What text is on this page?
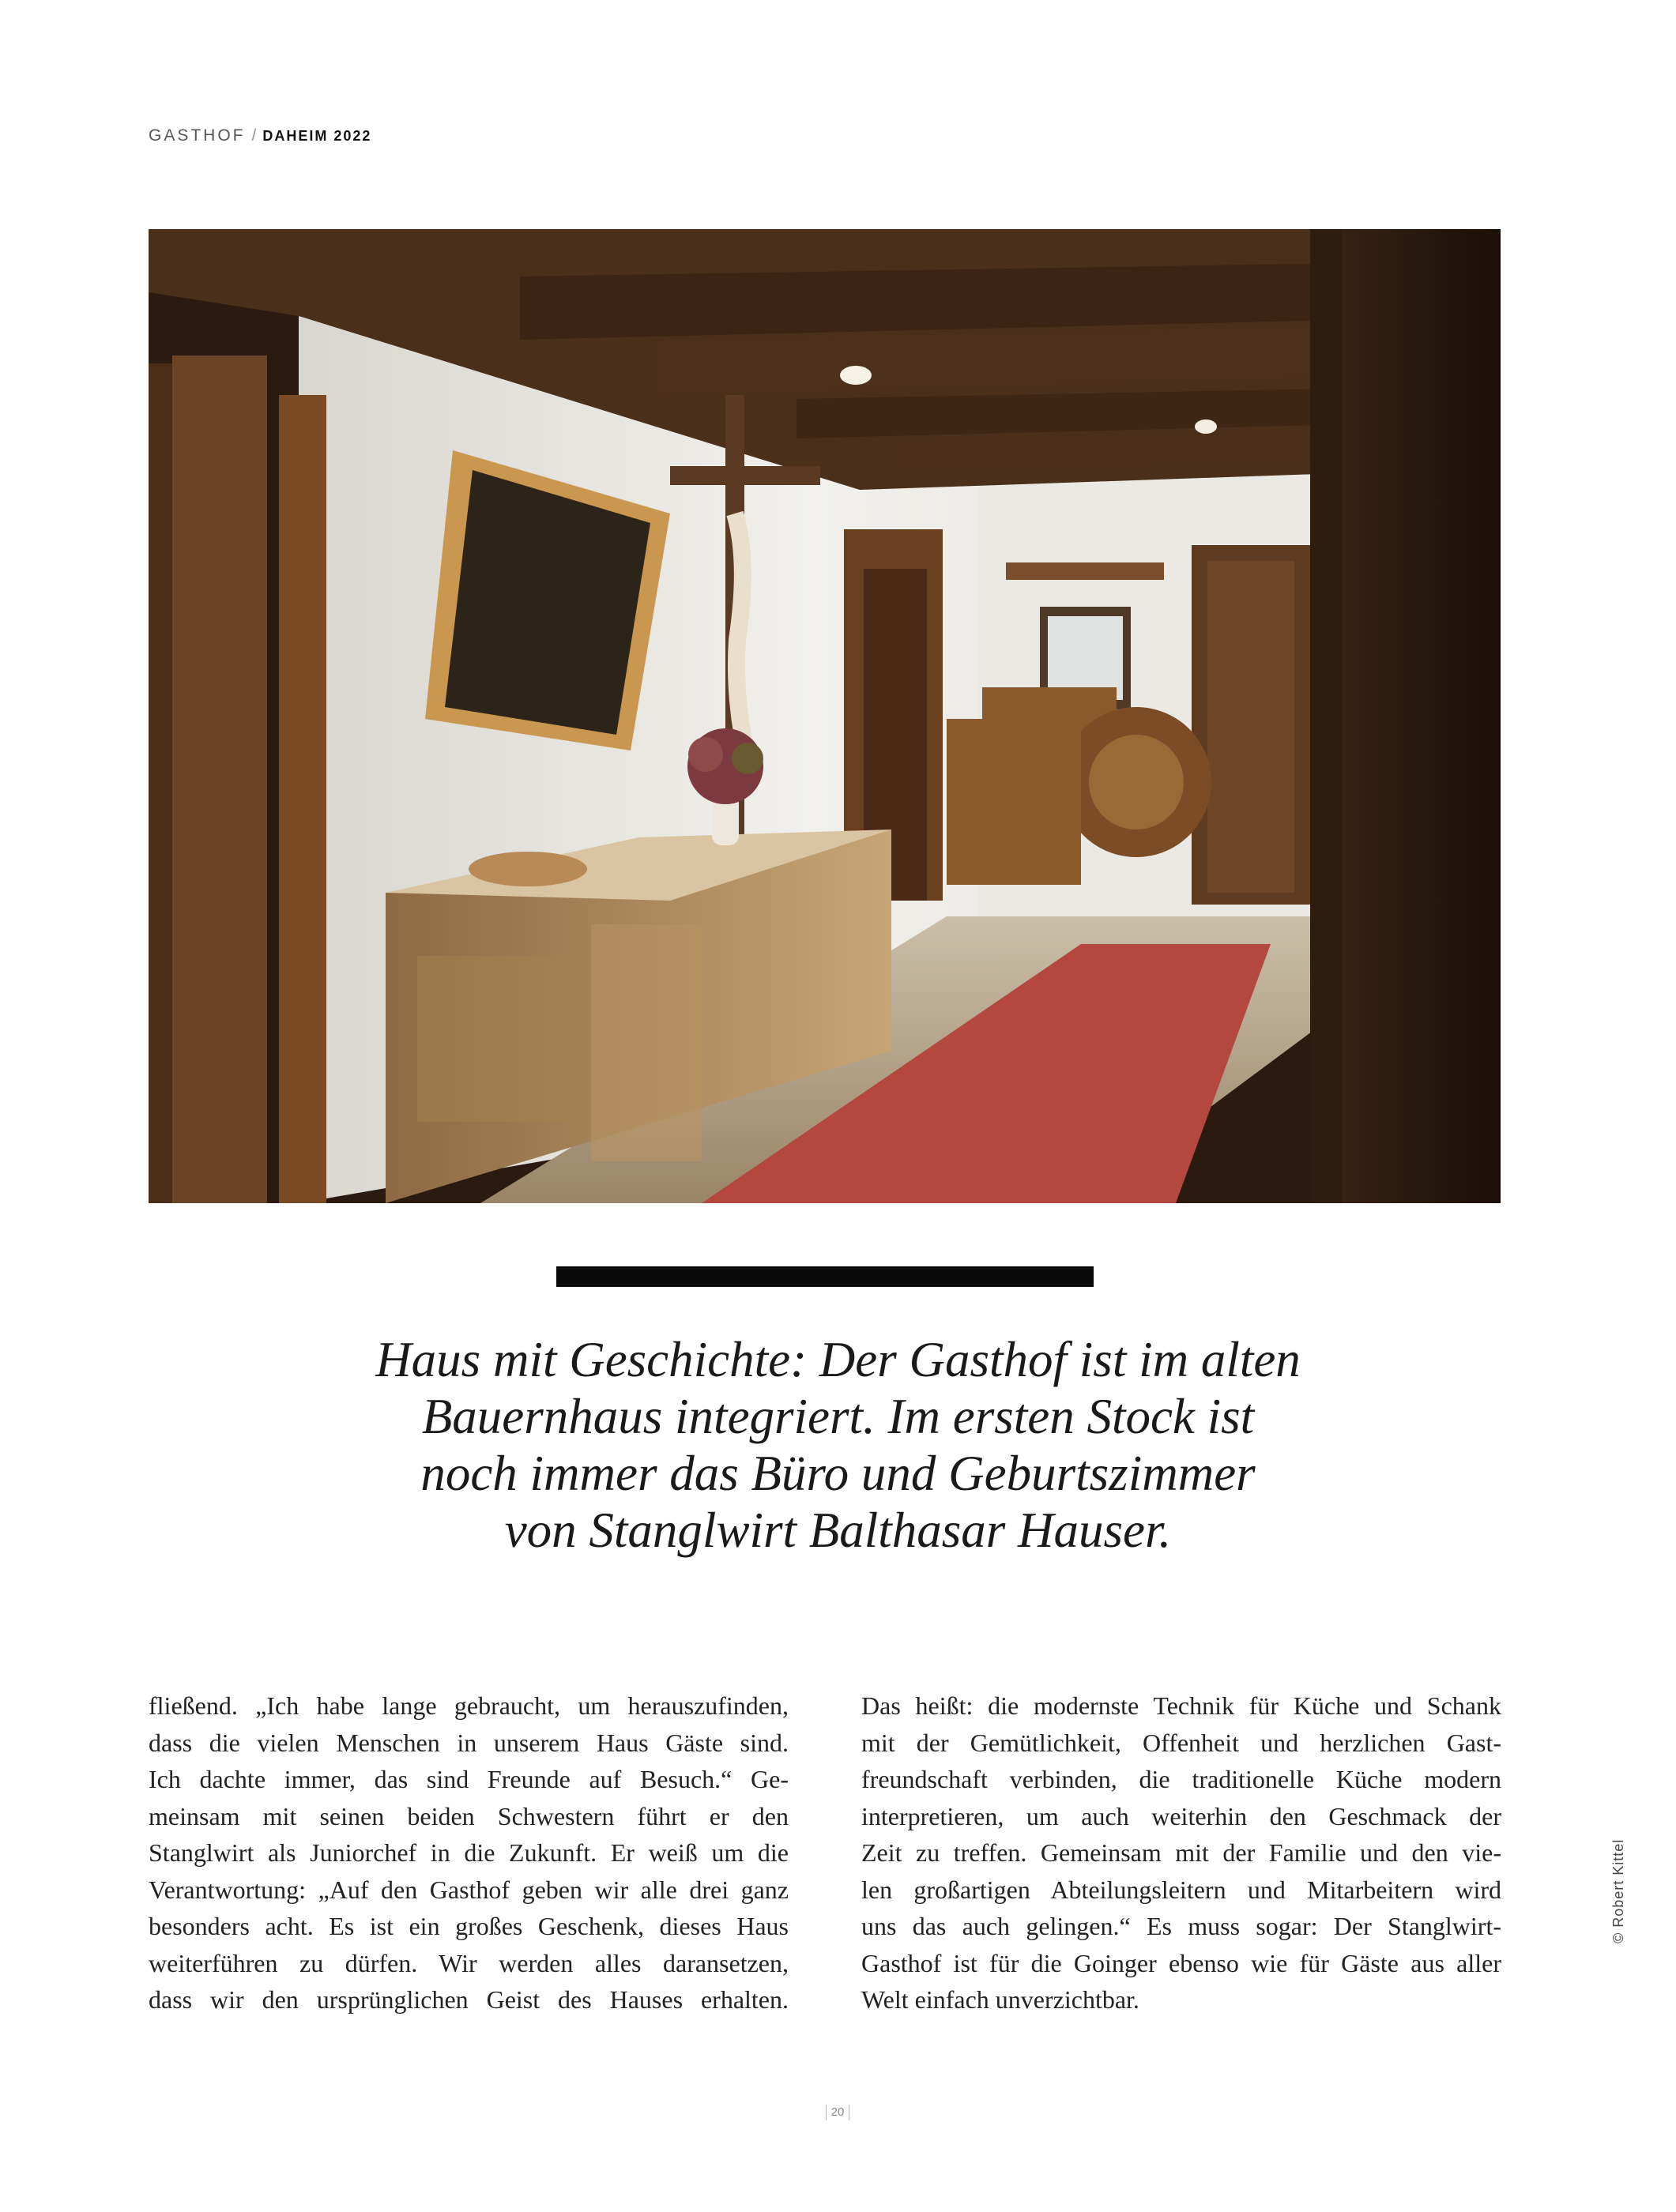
GASTHOF / DAHEIM 2022
Haus mit Geschichte: Der Gasthof ist im alten
Bauernhaus integriert. Im ersten Stock ist
noch immer das Büro und Geburtszimmer
von Stanglwirt Balthasar Hauser.
fließend. „Ich habe lange gebraucht, um herauszufinden,
dass die vielen Menschen in unserem Haus Gäste sind.
Ich dachte immer, das sind Freunde auf Besuch.“ Ge-
meinsam mit seinen beiden Schwestern führt er den
Stanglwirt als Juniorchef in die Zukunft. Er weiß um die
Verantwortung: „Auf den Gasthof geben wir alle drei ganz
besonders acht. Es ist ein großes Geschenk, dieses Haus
weiterführen zu dürfen. Wir werden alles daransetzen,
dass wir den ursprünglichen Geist des Hauses erhalten.
Das heißt: die modernste Technik für Küche und Schank
mit der Gemütlichkeit, Offenheit und herzlichen Gast-
freundschaft verbinden, die traditionelle Küche modern
interpretieren, um auch weiterhin den Geschmack der
Zeit zu treffen. Gemeinsam mit der Familie und den vie-
len großartigen Abteilungsleitern und Mitarbeitern wird
uns das auch gelingen.“ Es muss sogar: Der Stanglwirt-
Gasthof ist für die Goinger ebenso wie für Gäste aus aller
Welt einfach unverzichtbar.
© Robert Kittel
20
